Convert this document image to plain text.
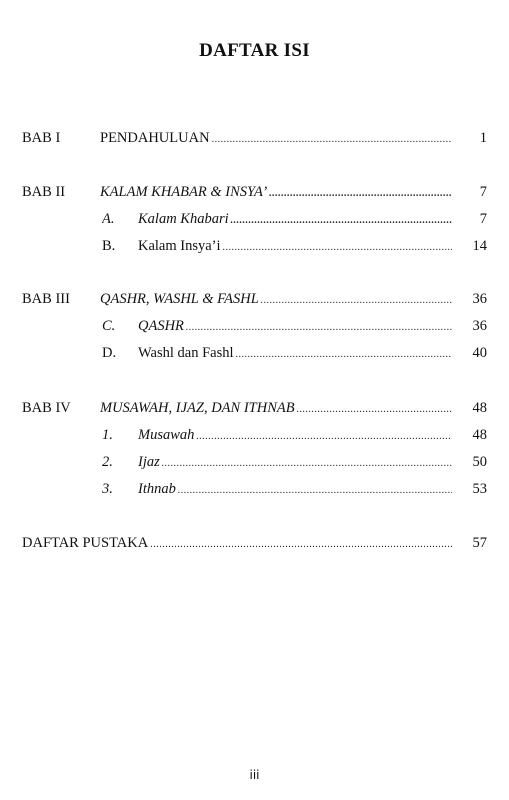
DAFTAR ISI
BAB I	PENDAHULUAN .....	1
BAB II KALAM KHABAR & INSYA’ .....	7
A.	Kalam Khabari .....	7
B.	Kalam Insya’i .....	14
BAB III QASHR, WASHL & FASHL .....	36
C.	QASHR .....	36
D.	Washl dan Fashl .....	40
BAB IV MUSAWAH, IJAZ, DAN ITHNAB .....	48
1.	Musawah .....	48
2.	Ijaz .....	50
3.	Ithnab .....	53
DAFTAR PUSTAKA .....	57
iii
